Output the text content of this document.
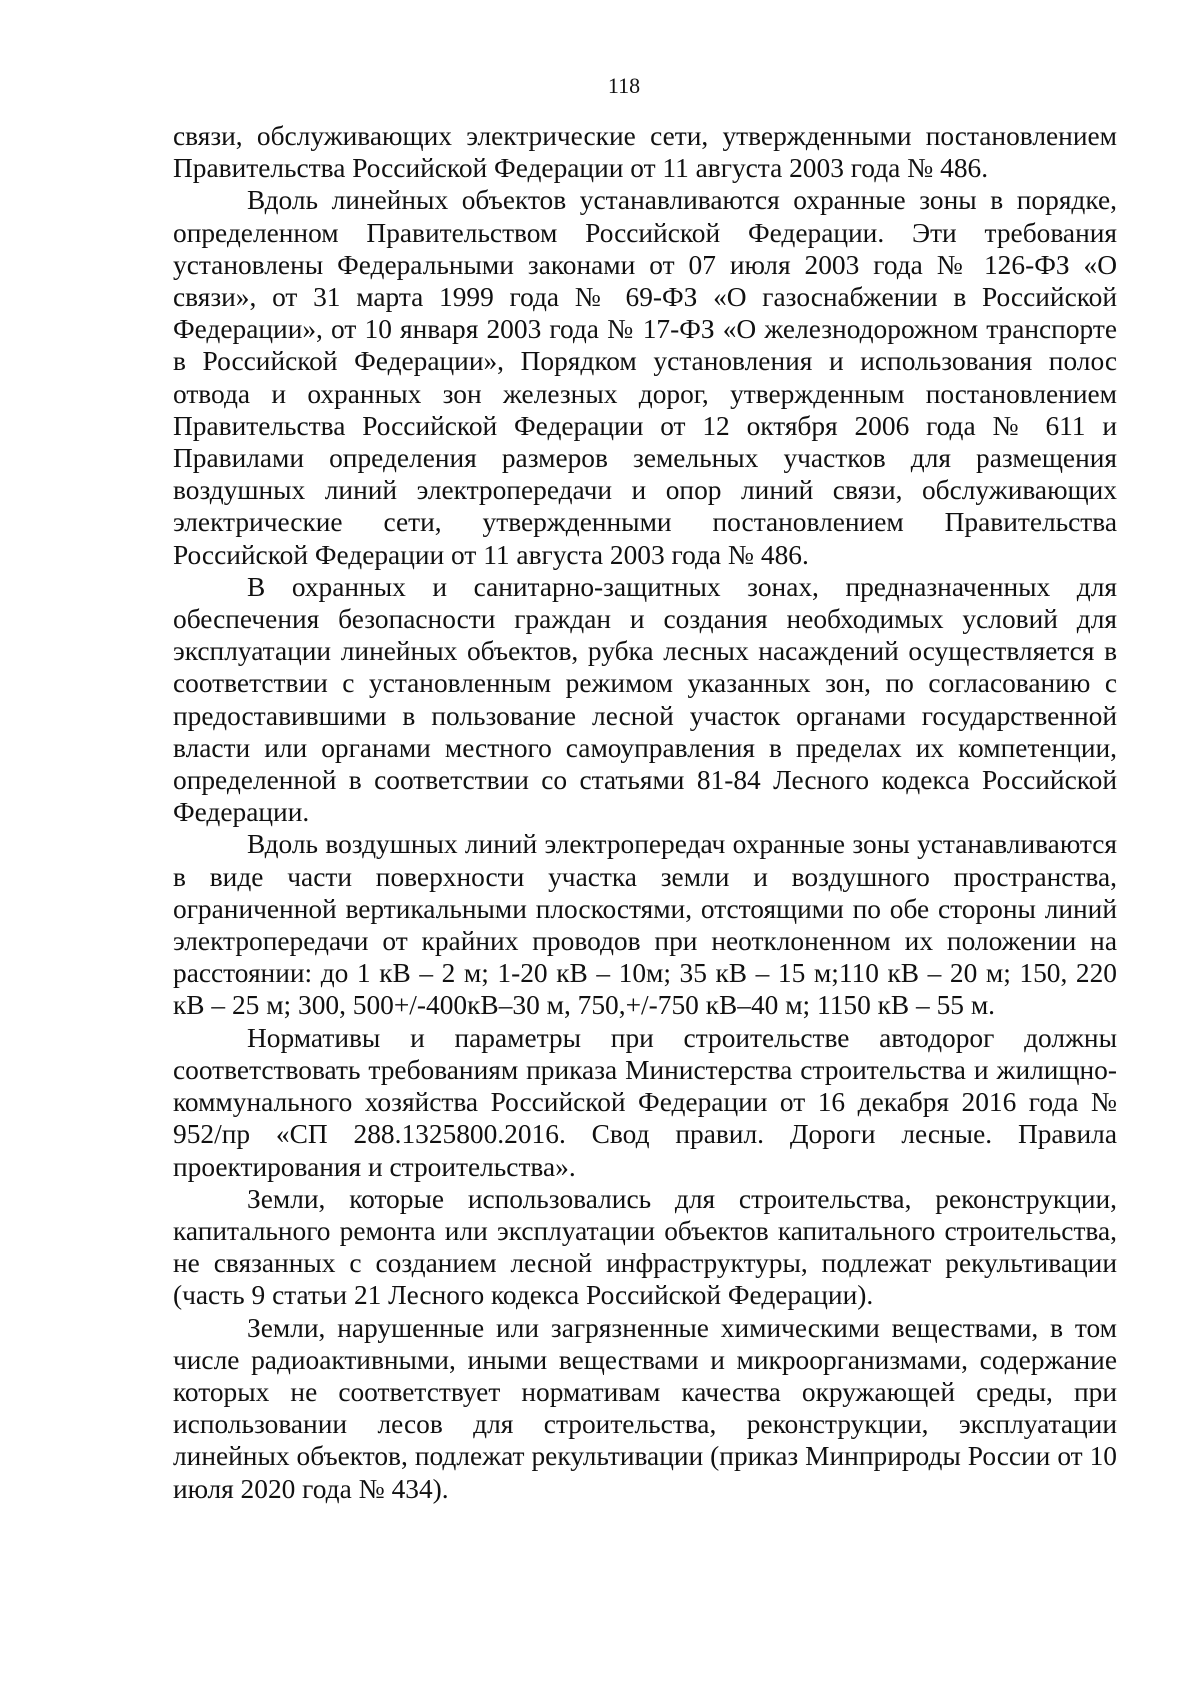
118

связи, обслуживающих электрические сети, утвержденными постановлением Правительства Российской Федерации от 11 августа 2003 года № 486.

Вдоль линейных объектов устанавливаются охранные зоны в порядке, определенном Правительством Российской Федерации. Эти требования установлены Федеральными законами от 07 июля 2003 года № 126-ФЗ «О связи», от 31 марта 1999 года № 69-ФЗ «О газоснабжении в Российской Федерации», от 10 января 2003 года № 17-ФЗ «О железнодорожном транспорте в Российской Федерации», Порядком установления и использования полос отвода и охранных зон железных дорог, утвержденным постановлением Правительства Российской Федерации от 12 октября 2006 года № 611 и Правилами определения размеров земельных участков для размещения воздушных линий электропередачи и опор линий связи, обслуживающих электрические сети, утвержденными постановлением Правительства Российской Федерации от 11 августа 2003 года № 486.

В охранных и санитарно-защитных зонах, предназначенных для обеспечения безопасности граждан и создания необходимых условий для эксплуатации линейных объектов, рубка лесных насаждений осуществляется в соответствии с установленным режимом указанных зон, по согласованию с предоставившими в пользование лесной участок органами государственной власти или органами местного самоуправления в пределах их компетенции, определенной в соответствии со статьями 81-84 Лесного кодекса Российской Федерации.

Вдоль воздушных линий электропередач охранные зоны устанавливаются в виде части поверхности участка земли и воздушного пространства, ограниченной вертикальными плоскостями, отстоящими по обе стороны линий электропередачи от крайних проводов при неотклоненном их положении на расстоянии: до 1 кВ – 2 м; 1-20 кВ – 10м; 35 кВ – 15 м;110 кВ – 20 м; 150, 220 кВ – 25 м; 300, 500+/-400кВ–30 м, 750,+/-750 кВ–40 м; 1150 кВ – 55 м.

Нормативы и параметры при строительстве автодорог должны соответствовать требованиям приказа Министерства строительства и жилищно-коммунального хозяйства Российской Федерации от 16 декабря 2016 года № 952/пр «СП 288.1325800.2016. Свод правил. Дороги лесные. Правила проектирования и строительства».

Земли, которые использовались для строительства, реконструкции, капитального ремонта или эксплуатации объектов капитального строительства, не связанных с созданием лесной инфраструктуры, подлежат рекультивации (часть 9 статьи 21 Лесного кодекса Российской Федерации).

Земли, нарушенные или загрязненные химическими веществами, в том числе радиоактивными, иными веществами и микроорганизмами, содержание которых не соответствует нормативам качества окружающей среды, при использовании лесов для строительства, реконструкции, эксплуатации линейных объектов, подлежат рекультивации (приказ Минприроды России от 10 июля 2020 года № 434).
